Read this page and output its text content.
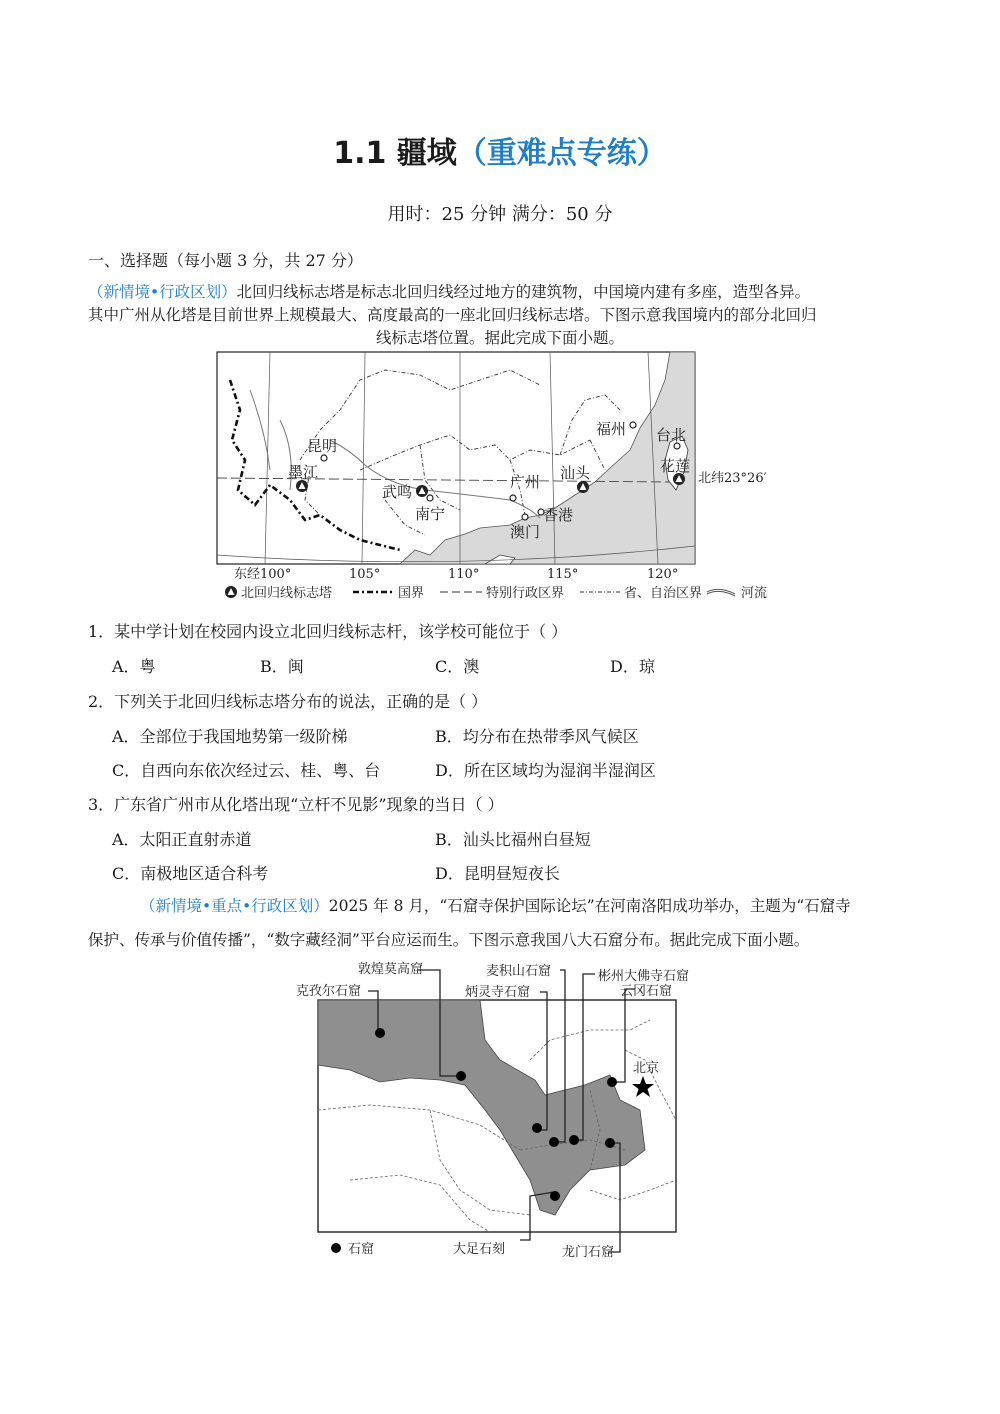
1.1 疆域（重难点专练）
用时：25 分钟 满分：50 分
一、选择题（每小题 3 分，共 27 分）
（新情境•行政区划）北回归线标志塔是标志北回归线经过地方的建筑物，中国境内建有多座，造型各异。
其中广州从化塔是目前世界上规模最大、高度最高的一座北回归线标志塔。下图示意我国境内的部分北回归
线标志塔位置。据此完成下面小题。
昆明
墨江
武鸣
南宁
广州 汕头
香港
澳门
福州 台北
花莲
北纬23°26′
东经100°	105°	110°	115°	120°
北回归线标志塔	国界	特别行政区界	省、自治区界	河流
1．某中学计划在校园内设立北回归线标志杆，该学校可能位于（ ）
A．粤	B．闽	C．澳	D．琼
2．下列关于北回归线标志塔分布的说法，正确的是（ ）
A．全部位于我国地势第一级阶梯	B．均分布在热带季风气候区
C．自西向东依次经过云、桂、粤、台	D．所在区域均为湿润半湿润区
3．广东省广州市从化塔出现“立杆不见影”现象的当日（ ）
A．太阳正直射赤道	B．汕头比福州白昼短
C．南极地区适合科考	D．昆明昼短夜长
（新情境•重点•行政区划）2025 年 8 月，“石窟寺保护国际论坛”在河南洛阳成功举办，主题为“石窟寺
保护、传承与价值传播”，“数字藏经洞”平台应运而生。下图示意我国八大石窟分布。据此完成下面小题。
敦煌莫高窟
克孜尔石窟
麦积山石窟
炳灵寺石窟
彬州大佛寺石窟
云冈石窟
北京
大足石刻	龙门石窟
石窟
